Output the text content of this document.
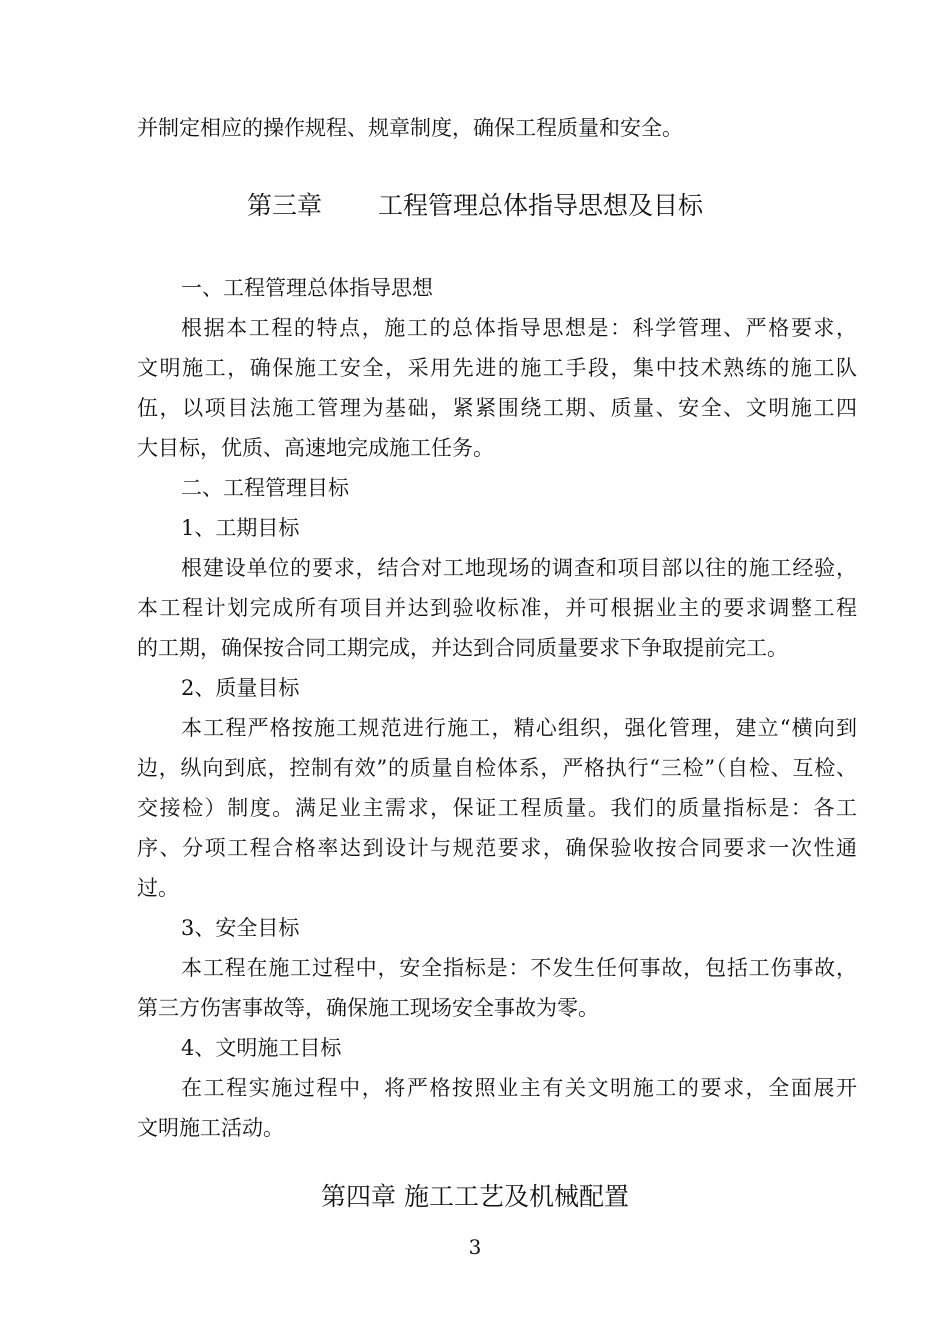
并制定相应的操作规程、规章制度，确保工程质量和安全。
第三章 工程管理总体指导思想及目标
一、工程管理总体指导思想
根据本工程的特点，施工的总体指导思想是：科学管理、严格要求，
文明施工，确保施工安全，采用先进的施工手段，集中技术熟练的施工队
伍，以项目法施工管理为基础，紧紧围绕工期、质量、安全、文明施工四
大目标，优质、高速地完成施工任务。
二、工程管理目标
1、工期目标
根建设单位的要求，结合对工地现场的调查和项目部以往的施工经验，
本工程计划完成所有项目并达到验收标准，并可根据业主的要求调整工程
的工期，确保按合同工期完成，并达到合同质量要求下争取提前完工。
2、质量目标
本工程严格按施工规范进行施工，精心组织，强化管理，建立“横向到
边，纵向到底，控制有效”的质量自检体系，严格执行“三检”（自检、互检、
交接检）制度。满足业主需求，保证工程质量。我们的质量指标是：各工
序、分项工程合格率达到设计与规范要求，确保验收按合同要求一次性通
过。
3、安全目标
本工程在施工过程中，安全指标是：不发生任何事故，包括工伤事故，
第三方伤害事故等，确保施工现场安全事故为零。
4、文明施工目标
在工程实施过程中，将严格按照业主有关文明施工的要求，全面展开
文明施工活动。
第四章 施工工艺及机械配置
3
